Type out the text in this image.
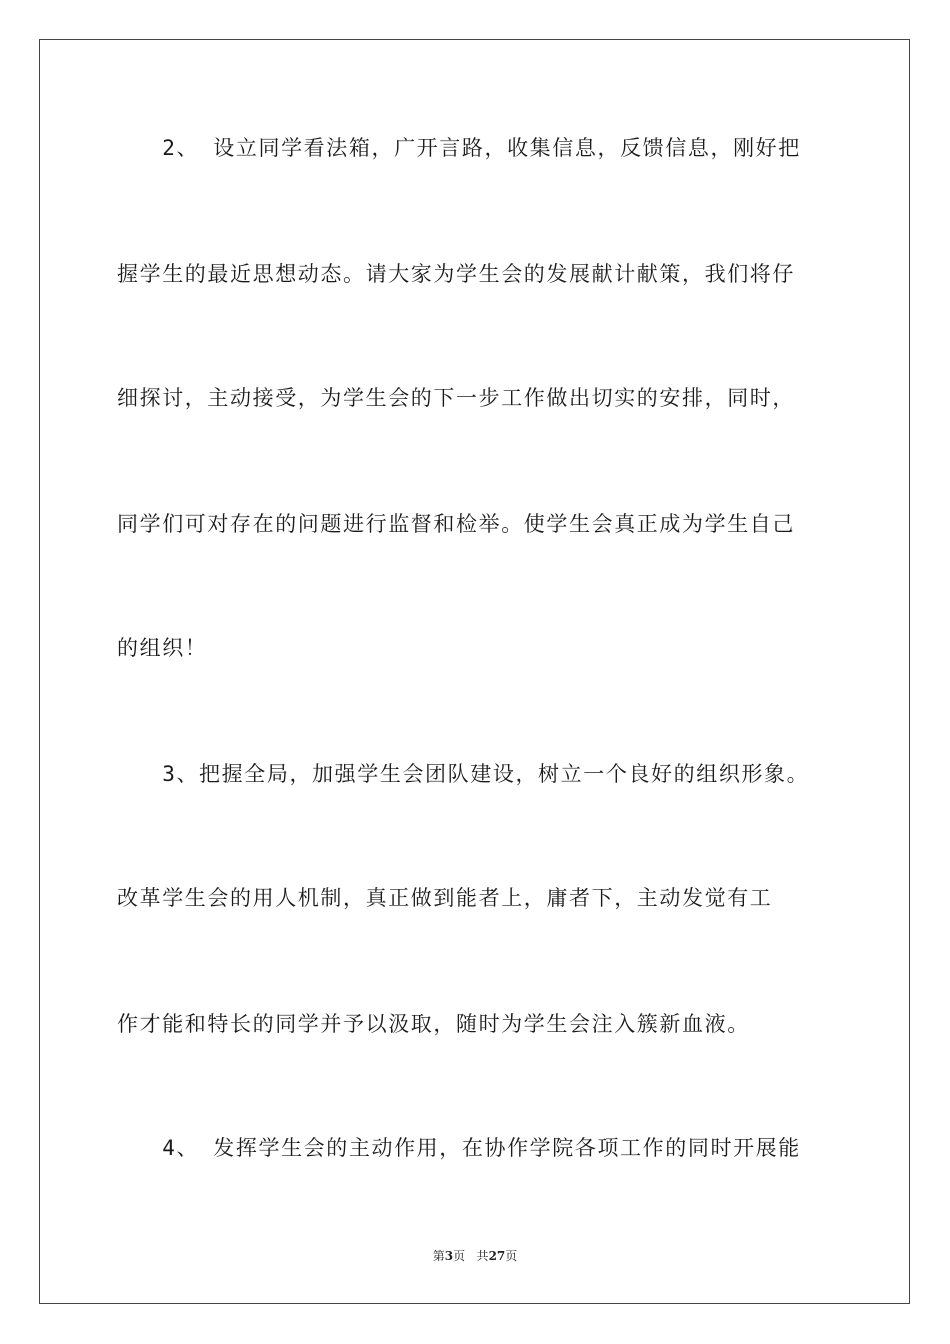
　　2、 设立同学看法箱，广开言路，收集信息，反馈信息，刚好把
握学生的最近思想动态。请大家为学生会的发展献计献策，我们将仔
细探讨，主动接受，为学生会的下一步工作做出切实的安排，同时，
同学们可对存在的问题进行监督和检举。使学生会真正成为学生自己
的组织！
　　3、把握全局，加强学生会团队建设，树立一个良好的组织形象。
改革学生会的用人机制，真正做到能者上，庸者下，主动发觉有工
作才能和特长的同学并予以汲取，随时为学生会注入簇新血液。
　　4、 发挥学生会的主动作用，在协作学院各项工作的同时开展能
第3页 共27页
